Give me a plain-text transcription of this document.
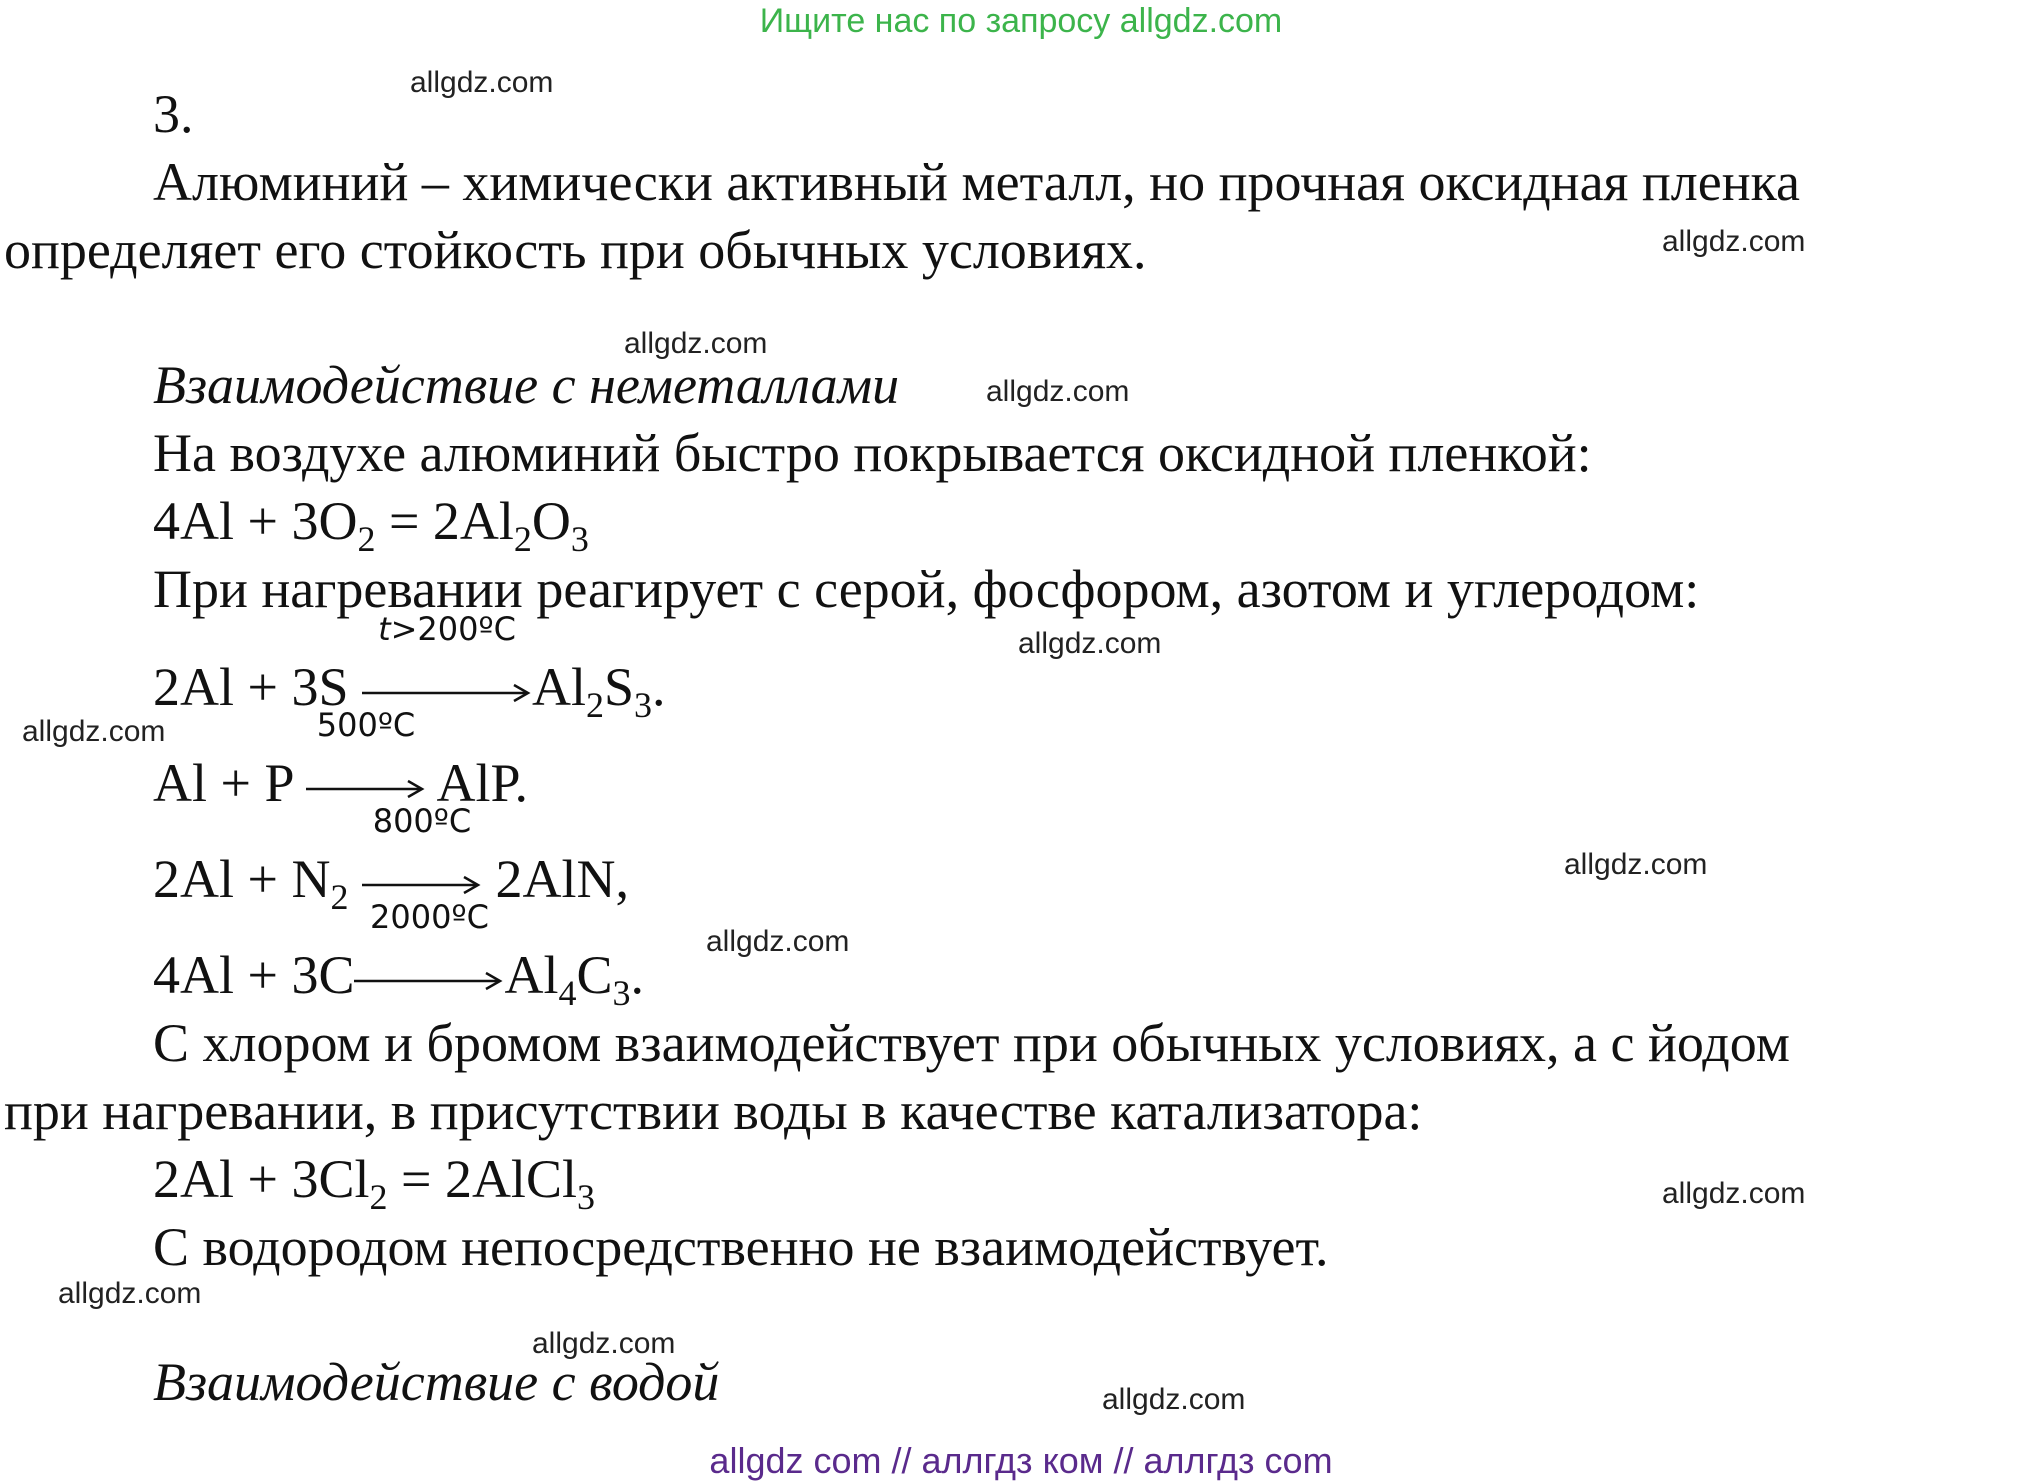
Ищите нас по запросу allgdz.com
allgdz.com
allgdz.com
allgdz.com
allgdz.com
allgdz.com
allgdz.com
allgdz.com
allgdz.com
allgdz.com
allgdz.com
allgdz.com
allgdz.com
3.
Алюминий – химически активный металл, но прочная оксидная пленка
определяет его стойкость при обычных условиях.
Взаимодействие с неметаллами
На воздухе алюминий быстро покрывается оксидной пленкой:
$4Al + 3O_2 = 2Al_2O_3$
При нагревании реагирует с серой, фосфором, азотом и углеродом:
2Al + 3S
t>200ºC
$Al_2S_3$.
Al + P
500ºC
AlP.
$2Al + N_2$
800ºC
2AlN,
4Al + 3C
2000ºC
$Al_4C_3$.
С хлором и бромом взаимодействует при обычных условиях, а с йодом
при нагревании, в присутствии воды в качестве катализатора:
$2Al + 3Cl_2$ = 2AlCl$_3$
С водородом непосредственно не взаимодействует.
Взаимодействие с водой
allgdz com // аллгдз ком // аллгдз com
